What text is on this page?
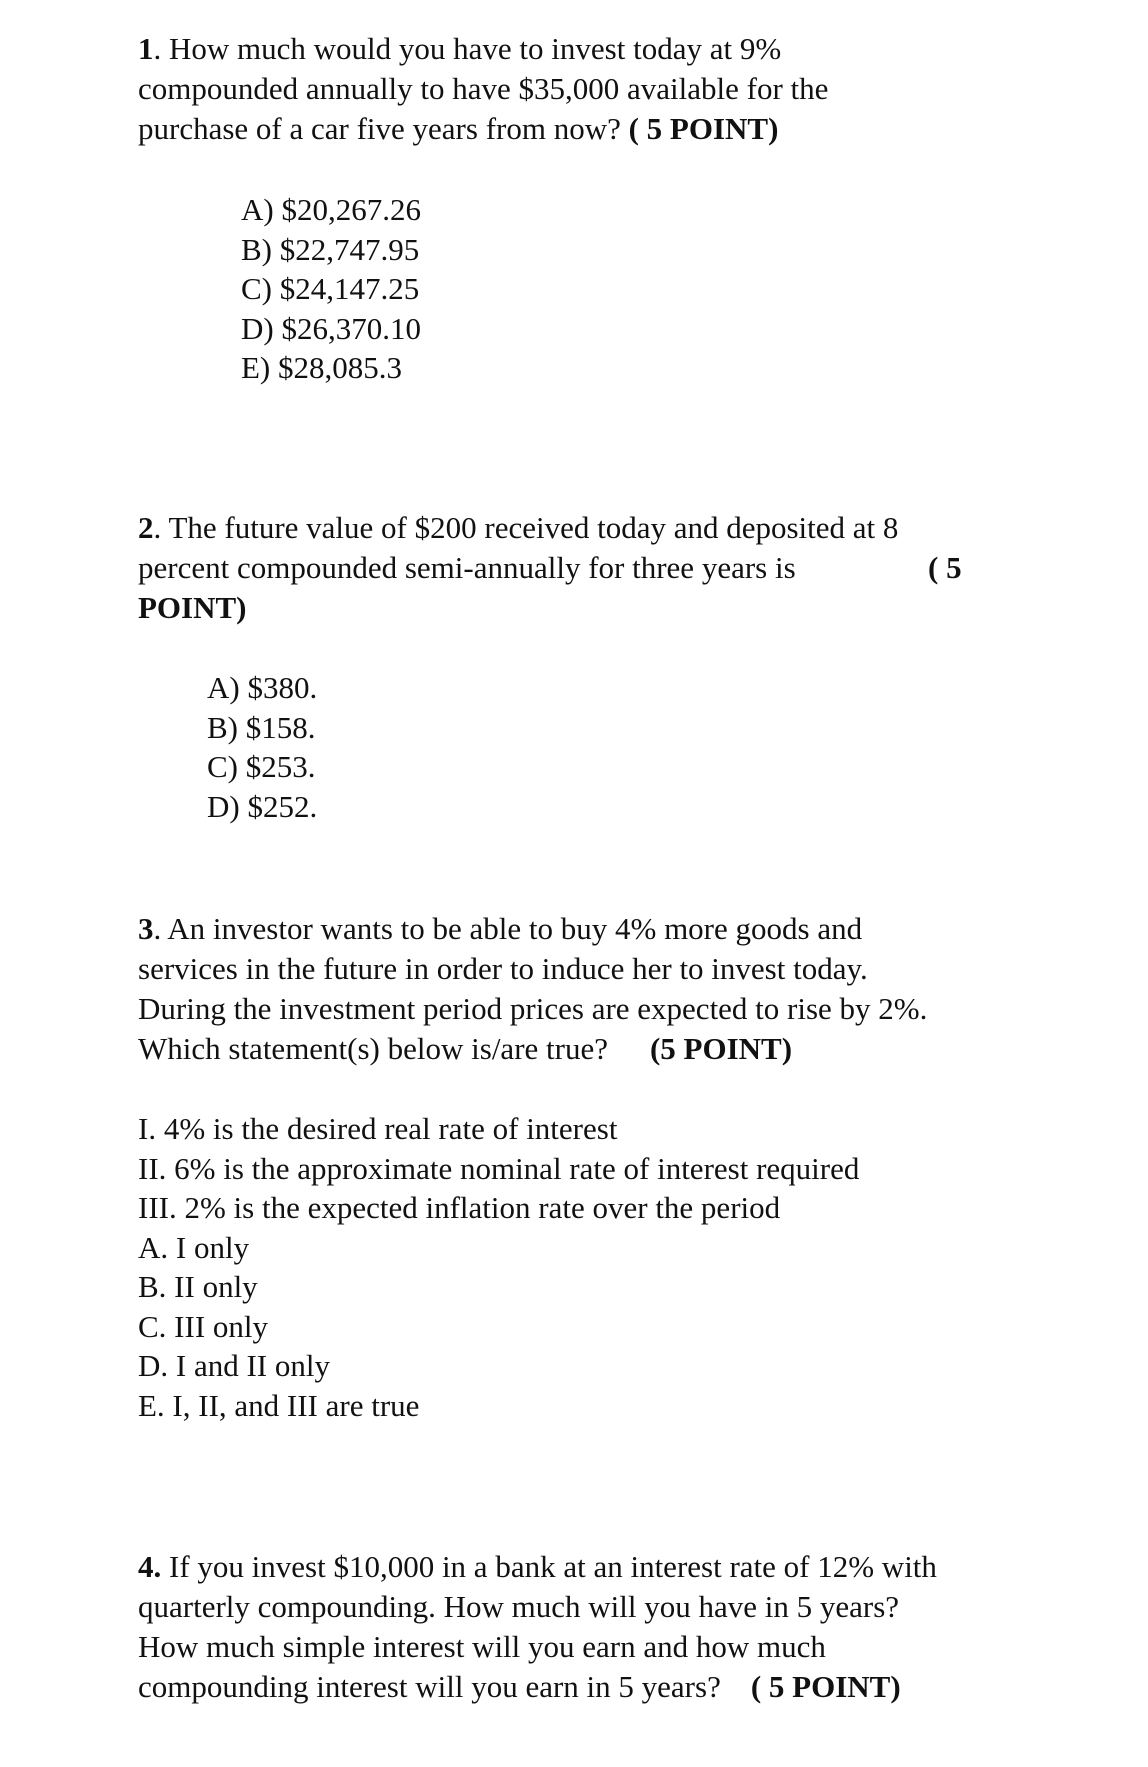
1. How much would you have to invest today at 9%
compounded annually to have $35,000 available for the
purchase of a car five years from now? ( 5 POINT)
A) $20,267.26
B) $22,747.95
C) $24,147.25
D) $26,370.10
E) $28,085.3
2. The future value of $200 received today and deposited at 8
percent compounded semi-annually for three years is	( 5
POINT)
A) $380.
B) $158.
C) $253.
D) $252.
3. An investor wants to be able to buy 4% more goods and
services in the future in order to induce her to invest today.
During the investment period prices are expected to rise by 2%.
Which statement(s) below is/are true? (5 POINT)
I. 4% is the desired real rate of interest
II. 6% is the approximate nominal rate of interest required
III. 2% is the expected inflation rate over the period
A. I only
B. II only
C. III only
D. I and II only
E. I, II, and III are true
4. If you invest $10,000 in a bank at an interest rate of 12% with
quarterly compounding. How much will you have in 5 years?
How much simple interest will you earn and how much
compounding interest will you earn in 5 years? ( 5 POINT)
